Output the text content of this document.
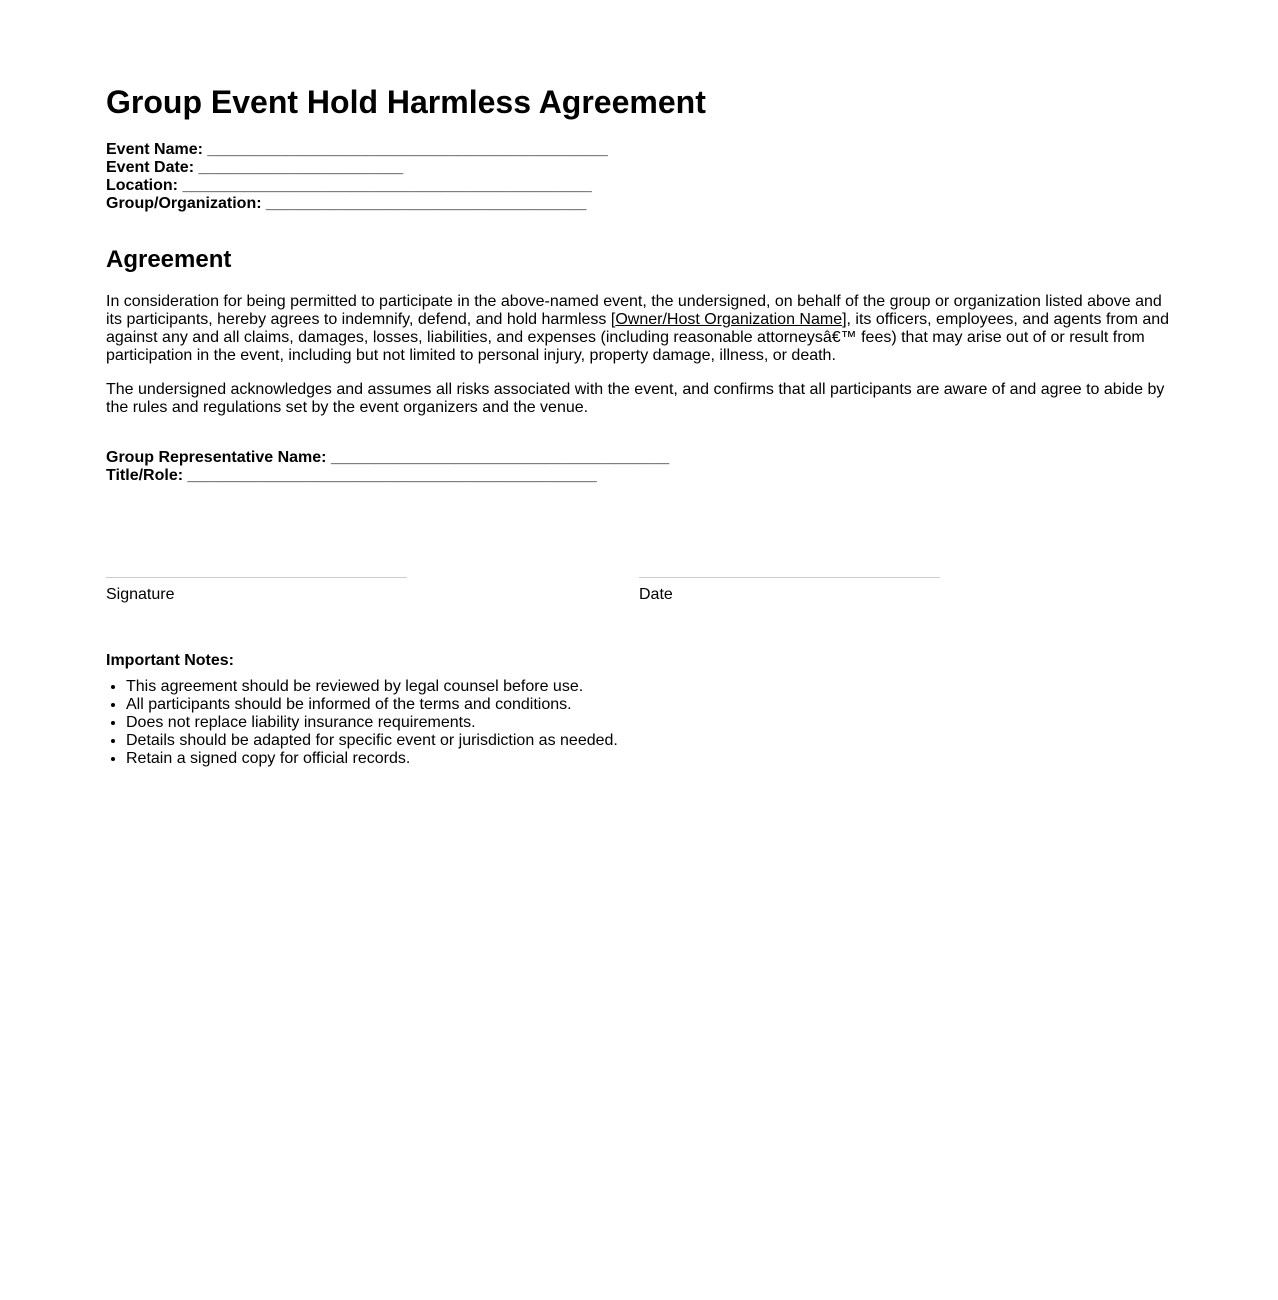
Group Event Hold Harmless Agreement
Event Name: _____________________________________________
Event Date: _______________________
Location: ______________________________________________
Group/Organization: ____________________________________
Agreement

In consideration for being permitted to participate in the above-named event, the undersigned, on behalf of the group or organization listed above and its participants, hereby agrees to indemnify, defend, and hold harmless [Owner/Host Organization Name], its officers, employees, and agents from and against any and all claims, damages, losses, liabilities, and expenses (including reasonable attorneysâ€™ fees) that may arise out of or result from participation in the event, including but not limited to personal injury, property damage, illness, or death.

The undersigned acknowledges and assumes all risks associated with the event, and confirms that all participants are aware of and agree to abide by the rules and regulations set by the event organizers and the venue.

Group Representative Name: ______________________________________
Title/Role: ______________________________________________
Signature	Date

Important Notes:

• This agreement should be reviewed by legal counsel before use.
• All participants should be informed of the terms and conditions.
• Does not replace liability insurance requirements.
• Details should be adapted for specific event or jurisdiction as needed.
• Retain a signed copy for official records.
